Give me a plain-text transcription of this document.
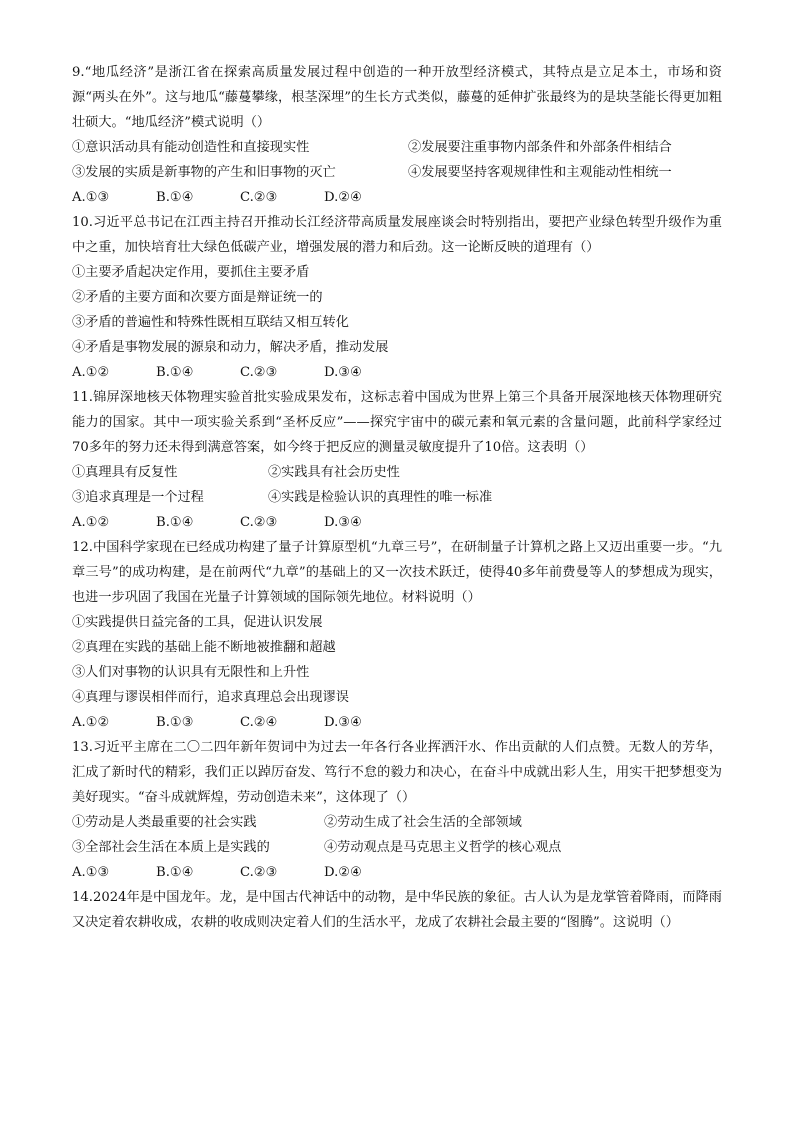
9.“地瓜经济”是浙江省在探索高质量发展过程中创造的一种开放型经济模式，其特点是立足本土，市场和资源“两头在外”。这与地瓜“藤蔓攀缘，根茎深埋”的生长方式类似，藤蔓的延伸扩张最终为的是块茎能长得更加粗壮硕大。“地瓜经济”模式说明（）

①意识活动具有能动创造性和直接现实性	②发展要注重事物内部条件和外部条件相结合
③发展的实质是新事物的产生和旧事物的灭亡	④发展要坚持客观规律性和主观能动性相统一
A.①③	B.①④	C.②③	D.②④

10.习近平总书记在江西主持召开推动长江经济带高质量发展座谈会时特别指出，要把产业绿色转型升级作为重中之重，加快培育壮大绿色低碳产业，增强发展的潜力和后劲。这一论断反映的道理有（）

①主要矛盾起决定作用，要抓住主要矛盾
②矛盾的主要方面和次要方面是辩证统一的
③矛盾的普遍性和特殊性既相互联结又相互转化
④矛盾是事物发展的源泉和动力，解决矛盾，推动发展
A.①②	B.①④	C.②③	D.③④

11.锦屏深地核天体物理实验首批实验成果发布，这标志着中国成为世界上第三个具备开展深地核天体物理研究能力的国家。其中一项实验关系到“圣杯反应”——探究宇宙中的碳元素和氧元素的含量问题，此前科学家经过70多年的努力还未得到满意答案，如今终于把反应的测量灵敏度提升了10倍。这表明（）

①真理具有反复性	②实践具有社会历史性
③追求真理是一个过程	④实践是检验认识的真理性的唯一标准
A.①②	B.①④	C.②③	D.③④

12.中国科学家现在已经成功构建了量子计算原型机“九章三号”，在研制量子计算机之路上又迈出重要一步。“九章三号”的成功构建，是在前两代“九章”的基础上的又一次技术跃迁，使得40多年前费曼等人的梦想成为现实，也进一步巩固了我国在光量子计算领域的国际领先地位。材料说明（）

①实践提供日益完备的工具，促进认识发展
②真理在实践的基础上能不断地被推翻和超越
③人们对事物的认识具有无限性和上升性
④真理与谬误相伴而行，追求真理总会出现谬误
A.①②	B.①③	C.②④	D.③④

13.习近平主席在二〇二四年新年贺词中为过去一年各行各业挥洒汗水、作出贡献的人们点赞。无数人的芳华，汇成了新时代的精彩，我们正以踔厉奋发、笃行不怠的毅力和决心，在奋斗中成就出彩人生，用实干把梦想变为美好现实。“奋斗成就辉煌，劳动创造未来”，这体现了（）

①劳动是人类最重要的社会实践	②劳动生成了社会生活的全部领域
③全部社会生活在本质上是实践的	④劳动观点是马克思主义哲学的核心观点
A.①③	B.①④	C.②③	D.②④

14.2024年是中国龙年。龙，是中国古代神话中的动物，是中华民族的象征。古人认为是龙掌管着降雨，而降雨又决定着农耕收成，农耕的收成则决定着人们的生活水平，龙成了农耕社会最主要的“图腾”。这说明（）
